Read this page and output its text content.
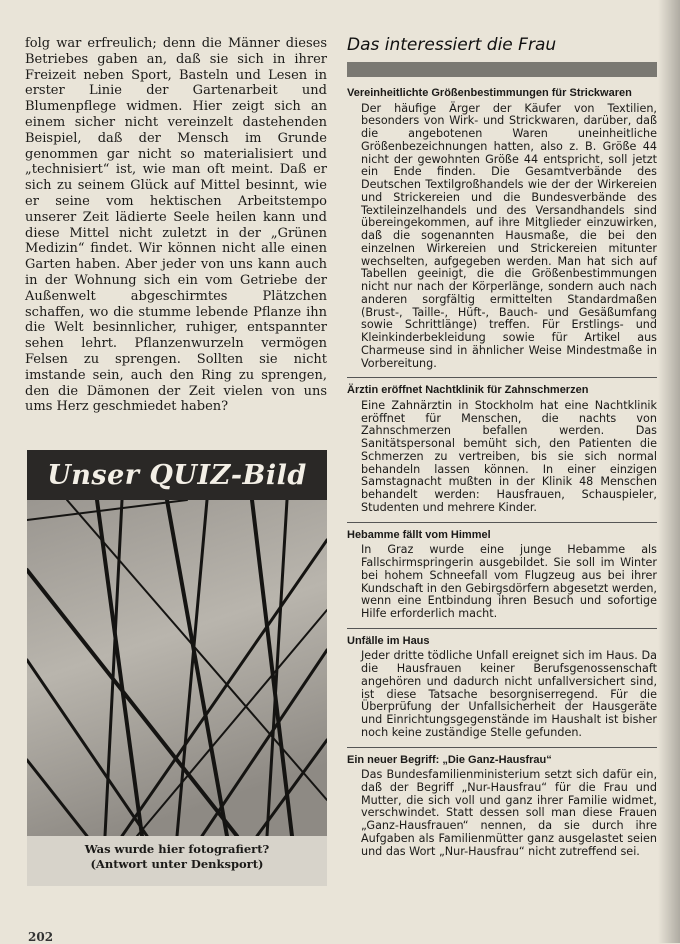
folg war erfreulich; denn die Männer dieses Betriebes gaben an, daß sie sich in ihrer Freizeit neben Sport, Basteln und Lesen in erster Linie der Gartenarbeit und Blumenpflege widmen. Hier zeigt sich an einem sicher nicht vereinzelt dastehenden Beispiel, daß der Mensch im Grunde genommen gar nicht so materialisiert und „technisiert“ ist, wie man oft meint. Daß er sich zu seinem Glück auf Mittel besinnt, wie er seine vom hektischen Arbeitstempo unserer Zeit lädierte Seele heilen kann und diese Mittel nicht zuletzt in der „Grünen Medizin“ findet. Wir können nicht alle einen Garten haben. Aber jeder von uns kann auch in der Wohnung sich ein vom Getriebe der Außenwelt abgeschirmtes Plätzchen schaffen, wo die stumme lebende Pflanze ihn die Welt besinnlicher, ruhiger, entspannter sehen lehrt. Pflanzenwurzeln vermögen Felsen zu sprengen. Sollten sie nicht imstande sein, auch den Ring zu sprengen, den die Dämonen der Zeit vielen von uns ums Herz geschmiedet haben?

Unser QUIZ-Bild
Was wurde hier fotografiert?
(Antwort unter Denksport)
Das interessiert die Frau
Vereinheitlichte Größenbestimmungen für Strickwaren
Der häufige Ärger der Käufer von Textilien, besonders von Wirk- und Strickwaren, darüber, daß die angebotenen Waren uneinheitliche Größenbezeichnungen hatten, also z. B. Größe 44 nicht der gewohnten Größe 44 entspricht, soll jetzt ein Ende finden. Die Gesamtverbände des Deutschen Textilgroßhandels wie der der Wirkereien und Strickereien und die Bundesverbände des Textileinzelhandels und des Versandhandels sind übereingekommen, auf ihre Mitglieder einzuwirken, daß die sogenannten Hausmaße, die bei den einzelnen Wirkereien und Strickereien mitunter wechselten, aufgegeben werden. Man hat sich auf Tabellen geeinigt, die die Größenbestimmungen nicht nur nach der Körperlänge, sondern auch nach anderen sorgfältig ermittelten Standardmaßen (Brust-, Taille-, Hüft-, Bauch- und Gesäßumfang sowie Schrittlänge) treffen. Für Erstlings- und Kleinkinderbekleidung sowie für Artikel aus Charmeuse sind in ähnlicher Weise Mindestmaße in Vorbereitung.
Ärztin eröffnet Nachtklinik für Zahnschmerzen
Eine Zahnärztin in Stockholm hat eine Nachtklinik eröffnet für Menschen, die nachts von Zahnschmerzen befallen werden. Das Sanitätspersonal bemüht sich, den Patienten die Schmerzen zu vertreiben, bis sie sich normal behandeln lassen können. In einer einzigen Samstagnacht mußten in der Klinik 48 Menschen behandelt werden: Hausfrauen, Schauspieler, Studenten und mehrere Kinder.
Hebamme fällt vom Himmel
In Graz wurde eine junge Hebamme als Fallschirmspringerin ausgebildet. Sie soll im Winter bei hohem Schneefall vom Flugzeug aus bei ihrer Kundschaft in den Gebirgsdörfern abgesetzt werden, wenn eine Entbindung ihren Besuch und sofortige Hilfe erforderlich macht.
Unfälle im Haus
Jeder dritte tödliche Unfall ereignet sich im Haus. Da die Hausfrauen keiner Berufsgenossenschaft angehören und dadurch nicht unfallversichert sind, ist diese Tatsache besorgniserregend. Für die Überprüfung der Unfallsicherheit der Hausgeräte und Einrichtungsgegenstände im Haushalt ist bisher noch keine zuständige Stelle gefunden.
Ein neuer Begriff: „Die Ganz-Hausfrau“
Das Bundesfamilienministerium setzt sich dafür ein, daß der Begriff „Nur-Hausfrau“ für die Frau und Mutter, die sich voll und ganz ihrer Familie widmet, verschwindet. Statt dessen soll man diese Frauen „Ganz-Hausfrauen“ nennen, da sie durch ihre Aufgaben als Familienmütter ganz ausgelastet seien und das Wort „Nur-Hausfrau“ nicht zutreffend sei.
202
